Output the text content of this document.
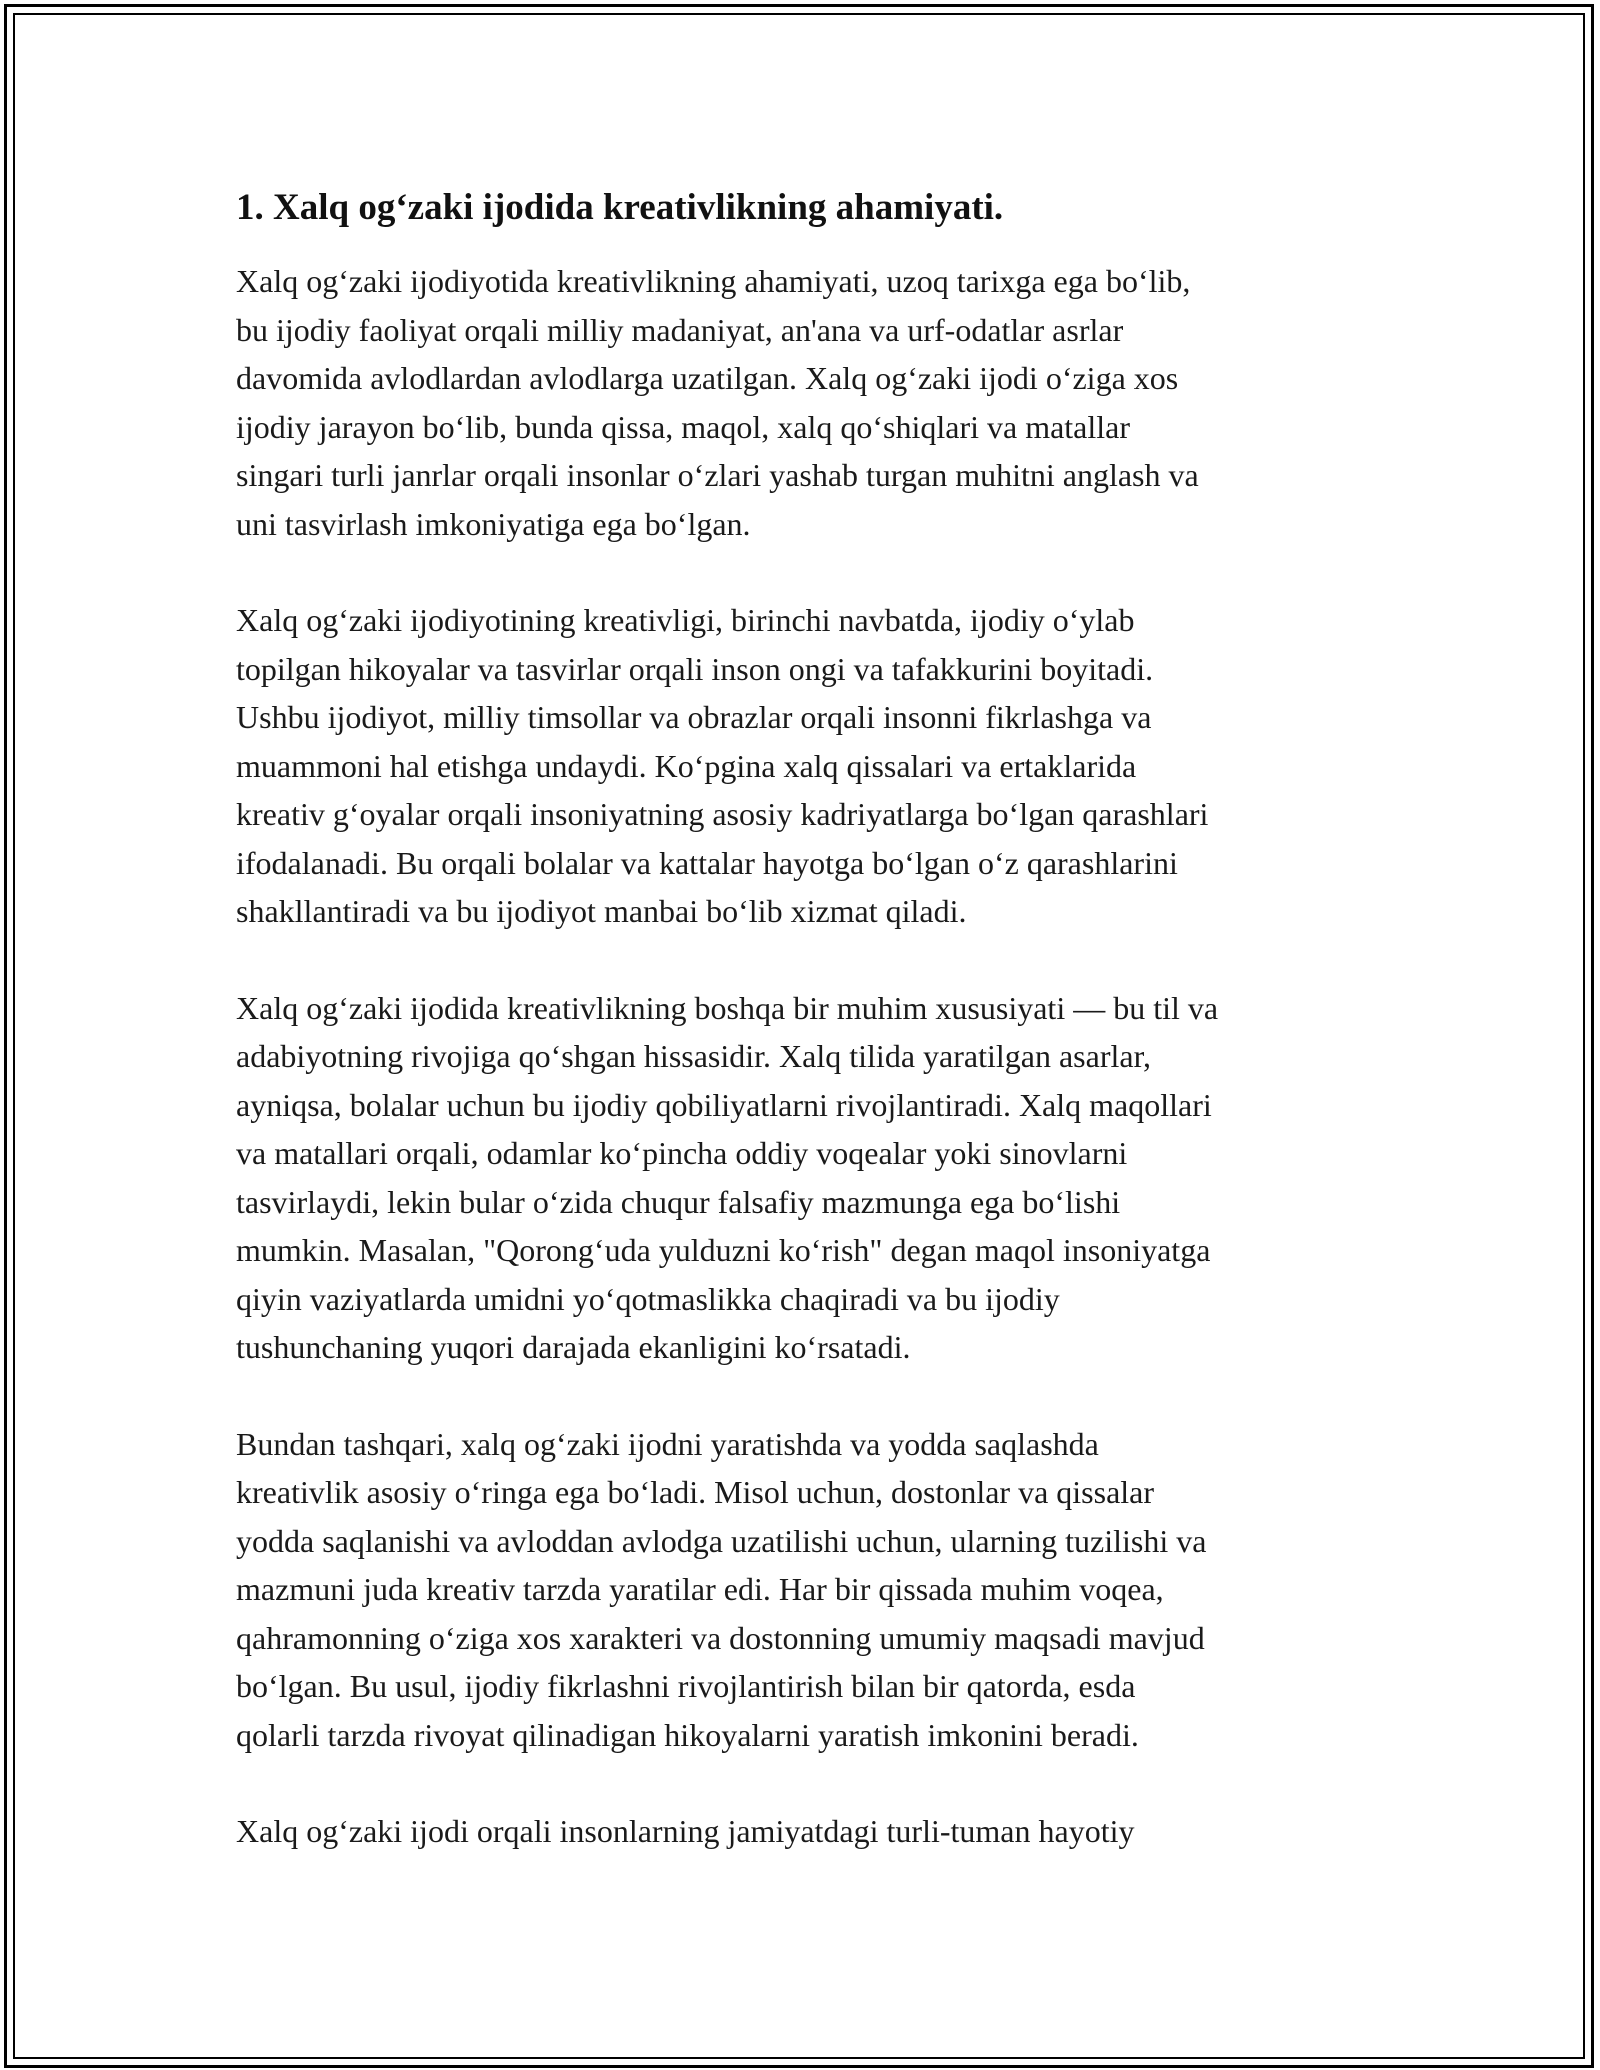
1. Xalq og‘zaki ijodida kreativlikning ahamiyati.

Xalq og‘zaki ijodiyotida kreativlikning ahamiyati, uzoq tarixga ega bo‘lib,
bu ijodiy faoliyat orqali milliy madaniyat, an'ana va urf-odatlar asrlar
davomida avlodlardan avlodlarga uzatilgan. Xalq og‘zaki ijodi o‘ziga xos
ijodiy jarayon bo‘lib, bunda qissa, maqol, xalq qo‘shiqlari va matallar
singari turli janrlar orqali insonlar o‘zlari yashab turgan muhitni anglash va
uni tasvirlash imkoniyatiga ega bo‘lgan.

Xalq og‘zaki ijodiyotining kreativligi, birinchi navbatda, ijodiy o‘ylab
topilgan hikoyalar va tasvirlar orqali inson ongi va tafakkurini boyitadi.
Ushbu ijodiyot, milliy timsollar va obrazlar orqali insonni fikrlashga va
muammoni hal etishga undaydi. Ko‘pgina xalq qissalari va ertaklarida
kreativ g‘oyalar orqali insoniyatning asosiy kadriyatlarga bo‘lgan qarashlari
ifodalanadi. Bu orqali bolalar va kattalar hayotga bo‘lgan o‘z qarashlarini
shakllantiradi va bu ijodiyot manbai bo‘lib xizmat qiladi.

Xalq og‘zaki ijodida kreativlikning boshqa bir muhim xususiyati — bu til va
adabiyotning rivojiga qo‘shgan hissasidir. Xalq tilida yaratilgan asarlar,
ayniqsa, bolalar uchun bu ijodiy qobiliyatlarni rivojlantiradi. Xalq maqollari
va matallari orqali, odamlar ko‘pincha oddiy voqealar yoki sinovlarni
tasvirlaydi, lekin bular o‘zida chuqur falsafiy mazmunga ega bo‘lishi
mumkin. Masalan, "Qorong‘uda yulduzni ko‘rish" degan maqol insoniyatga
qiyin vaziyatlarda umidni yo‘qotmaslikka chaqiradi va bu ijodiy
tushunchaning yuqori darajada ekanligini ko‘rsatadi.

Bundan tashqari, xalq og‘zaki ijodni yaratishda va yodda saqlashda
kreativlik asosiy o‘ringa ega bo‘ladi. Misol uchun, dostonlar va qissalar
yodda saqlanishi va avloddan avlodga uzatilishi uchun, ularning tuzilishi va
mazmuni juda kreativ tarzda yaratilar edi. Har bir qissada muhim voqea,
qahramonning o‘ziga xos xarakteri va dostonning umumiy maqsadi mavjud
bo‘lgan. Bu usul, ijodiy fikrlashni rivojlantirish bilan bir qatorda, esda
qolarli tarzda rivoyat qilinadigan hikoyalarni yaratish imkonini beradi.

Xalq og‘zaki ijodi orqali insonlarning jamiyatdagi turli-tuman hayotiy
